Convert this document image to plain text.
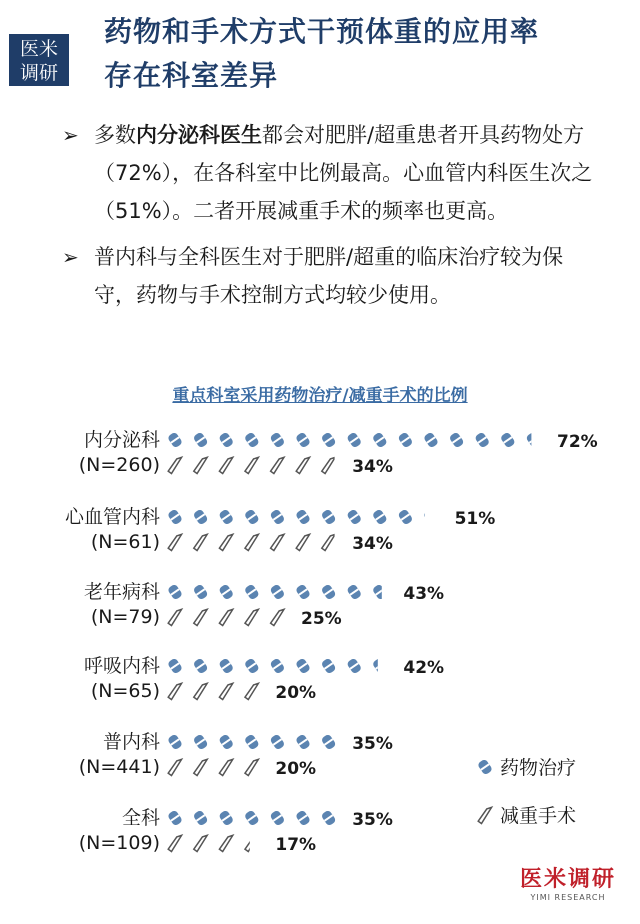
医米
调研
药物和手术方式干预体重的应用率
存在科室差异
➢ 多数内分泌科医生都会对肥胖/超重患者开具药物处方（72%），在各科室中比例最高。心血管内科医生次之（51%）。二者开展减重手术的频率也更高。
➢ 普内科与全科医生对于肥胖/超重的临床治疗较为保守，药物与手术控制方式均较少使用。
重点科室采用药物治疗/减重手术的比例
内分泌科
(N=260)
72%
34%
心血管内科
(N=61)
51%
34%
老年病科
(N=79)
43%
25%
呼吸内科
(N=65)
42%
20%
普内科
(N=441)
35%
20%
全科
(N=109)
35%
17%
药物治疗
减重手术
医米调研
YIMI RESEARCH
